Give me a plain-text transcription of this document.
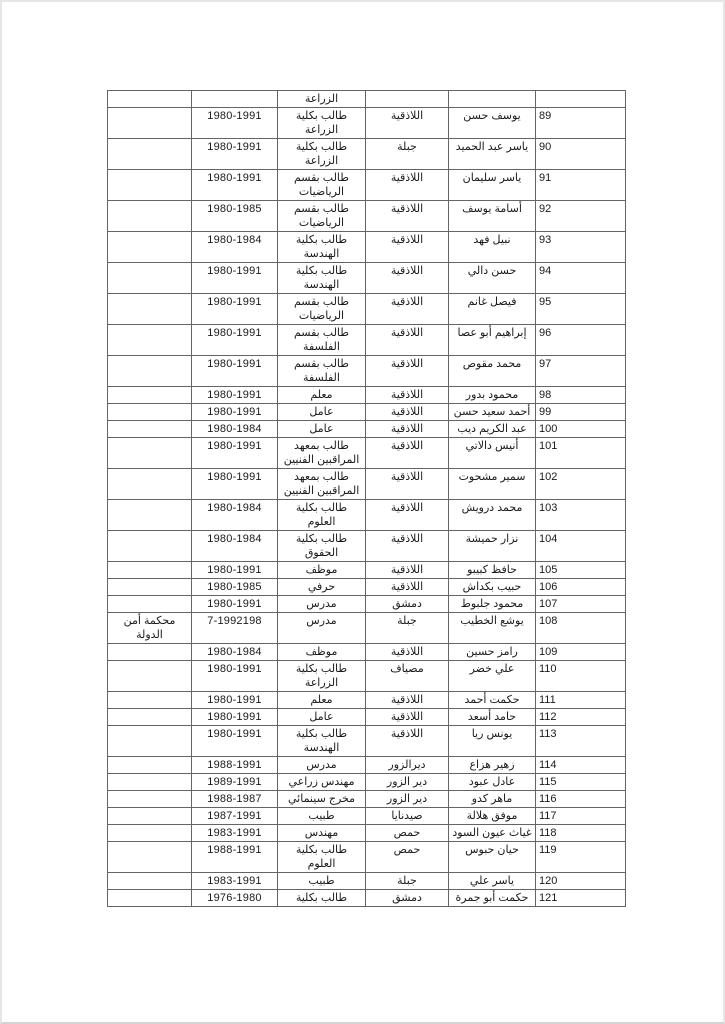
			الزراعة		
89	يوسف حسن	اللاذقية	طالب بكلية الزراعة	1980-1991	
90	ياسر عبد الحميد	جبلة	طالب بكلية الزراعة	1980-1991	
91	ياسر سليمان	اللاذقية	طالب بقسم الرياضيات	1980-1991	
92	أسامة يوسف	اللاذقية	طالب بقسم الرياضيات	1980-1985	
93	نبيل فهد	اللاذقية	طالب بكلية الهندسة	1980-1984	
94	حسن دالي	اللاذقية	طالب بكلية الهندسة	1980-1991	
95	فيصل غانم	اللاذقية	طالب بقسم الرياضيات	1980-1991	
96	إبراهيم أبو عصا	اللاذقية	طالب بقسم الفلسفة	1980-1991	
97	محمد مقوص	اللاذقية	طالب بقسم الفلسفة	1980-1991	
98	محمود بدور	اللاذقية	معلم	1980-1991	
99	أحمد سعيد حسن	اللاذقية	عامل	1980-1991	
100	عبد الكريم ديب	اللاذقية	عامل	1980-1984	
101	أنيس دالاتي	اللاذقية	طالب بمعهد المراقبين الفنيين	1980-1991	
102	سمير مشحوت	اللاذقية	طالب بمعهد المراقبين الفنيين	1980-1991	
103	محمد درويش	اللاذقية	طالب بكلية العلوم	1980-1984	
104	نزار حميشة	اللاذقية	طالب بكلية الحقوق	1980-1984	
105	حافظ كبيبو	اللاذقية	موظف	1980-1991	
106	حبيب بكداش	اللاذقية	حرفي	1980-1985	
107	محمود جلبوط	دمشق	مدرس	1980-1991	
108	يوشع الخطيب	جبلة	مدرس	7-1992198	محكمة أمن الدولة
109	رامز حسين	اللاذقية	موظف	1980-1984	
110	علي خضر	مصياف	طالب بكلية الزراعة	1980-1991	
111	حكمت أحمد	اللاذقية	معلم	1980-1991	
112	حامد أسعد	اللاذقية	عامل	1980-1991	
113	يونس ريا	اللاذقية	طالب بكلية الهندسة	1980-1991	
114	زهير هزاع	ديرالزور	مدرس	1988-1991	
115	عادل عبود	دير الزور	مهندس زراعي	1989-1991	
116	ماهر كدو	دير الزور	مخرج سينمائي	1988-1987	
117	موفق هلالة	صيدنايا	طبيب	1987-1991	
118	غياث عيون السود	حمص	مهندس	1983-1991	
119	حيان حبوس	حمص	طالب بكلية العلوم	1988-1991	
120	ياسر علي	جبلة	طبيب	1983-1991	
121	حكمت أبو جمرة	دمشق	طالب بكلية	1976-1980	
